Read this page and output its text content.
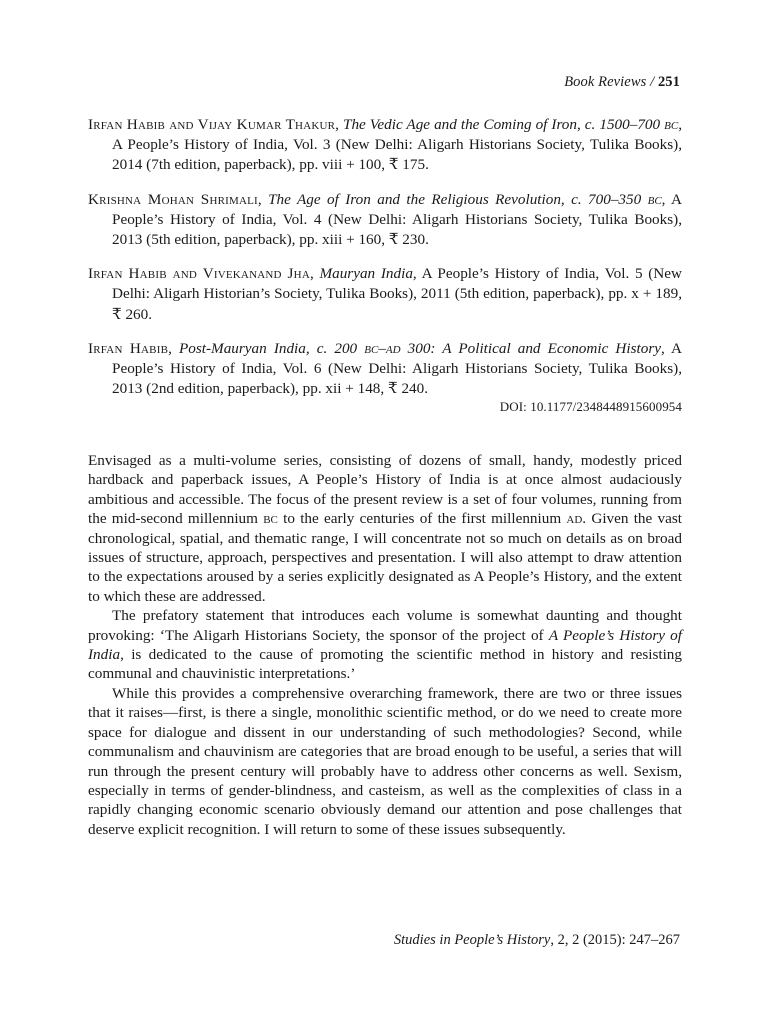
Book Reviews / 251

Irfan Habib and Vijay Kumar Thakur, The Vedic Age and the Coming of Iron, c. 1500–700 bc, A People’s History of India, Vol. 3 (New Delhi: Aligarh Historians Society, Tulika Books), 2014 (7th edition, paperback), pp. viii + 100, ₹ 175.

Krishna Mohan Shrimali, The Age of Iron and the Religious Revolution, c. 700–350 bc, A People’s History of India, Vol. 4 (New Delhi: Aligarh Historians Society, Tulika Books), 2013 (5th edition, paperback), pp. xiii + 160, ₹ 230.

Irfan Habib and Vivekanand Jha, Mauryan India, A People’s History of India, Vol. 5 (New Delhi: Aligarh Historian’s Society, Tulika Books), 2011 (5th edition, paperback), pp. x + 189, ₹ 260.

Irfan Habib, Post-Mauryan India, c. 200 bc–ad 300: A Political and Economic History, A People’s History of India, Vol. 6 (New Delhi: Aligarh Historians Society, Tulika Books), 2013 (2nd edition, paperback), pp. xii + 148, ₹ 240.

DOI: 10.1177/2348448915600954

Envisaged as a multi-volume series, consisting of dozens of small, handy, modestly priced hardback and paperback issues, A People’s History of India is at once almost audaciously ambitious and accessible. The focus of the present review is a set of four volumes, running from the mid-second millennium bc to the early centuries of the first millennium ad. Given the vast chronological, spatial, and thematic range, I will concentrate not so much on details as on broad issues of structure, approach, perspectives and presentation. I will also attempt to draw attention to the expectations aroused by a series explicitly designated as A People’s History, and the extent to which these are addressed.

The prefatory statement that introduces each volume is somewhat daunting and thought provoking: ‘The Aligarh Historians Society, the sponsor of the project of A People’s History of India, is dedicated to the cause of promoting the scientific method in history and resisting communal and chauvinistic interpretations.’

While this provides a comprehensive overarching framework, there are two or three issues that it raises—first, is there a single, monolithic scientific method, or do we need to create more space for dialogue and dissent in our understanding of such methodologies? Second, while communalism and chauvinism are categories that are broad enough to be useful, a series that will run through the present century will probably have to address other concerns as well. Sexism, especially in terms of gender-blindness, and casteism, as well as the complexities of class in a rapidly changing economic scenario obviously demand our attention and pose challenges that deserve explicit recognition. I will return to some of these issues subsequently.

Studies in People’s History, 2, 2 (2015): 247–267
